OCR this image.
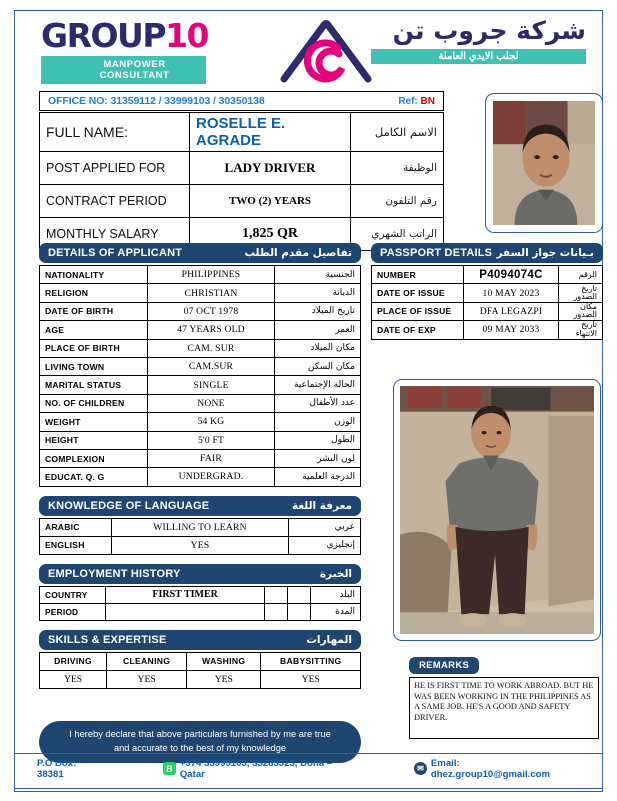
GROUP10
MANPOWER CONSULTANT
شركة جروب تن
لجلب الايدي العاملة
OFFICE NO: 31359112 / 33999103 / 30350138	Ref: BN
FULL NAME:	ROSELLE E. AGRADE	الاسم الكامل
POST APPLIED FOR	LADY DRIVER	الوظيفة
CONTRACT PERIOD	TWO (2) YEARS	رقم التلفون
MONTHLY SALARY	1,825 QR	الراتب الشهري
DETAILS OF APPLICANT	تفاصيل مقدم الطلب
NATIONALITY	PHILIPPINES	الجنسية
RELIGION	CHRISTIAN	الديانة
DATE OF BIRTH	07 OCT 1978	تاريخ الميلاد
AGE	47 YEARS OLD	العمر
PLACE OF BIRTH	CAM. SUR	مكان الميلاد
LIVING TOWN	CAM.SUR	مكان السكن
MARITAL STATUS	SINGLE	الحالة الإجتماعية
NO. OF CHILDREN	NONE	عدد الأطفال
WEIGHT	54 KG	الوزن
HEIGHT	5'0 FT	الطول
COMPLEXION	FAIR	لون البشر
EDUCAT. Q. G	UNDERGRAD.	الدرجة العلمية
KNOWLEDGE OF LANGUAGE	معرفة اللغة
ARABIC	WILLING TO LEARN	عربي
ENGLISH	YES	إنجليزي
EMPLOYMENT HISTORY	الخبرة
COUNTRY	FIRST TIMER			البلد
PERIOD				المدة
SKILLS & EXPERTISE	المهارات
DRIVING	CLEANING	WASHING	BABYSITTING
YES	YES	YES	YES
PASSPORT DETAILS بـيانات جواز السفر
NUMBER	P4094074C	الرقم
DATE OF ISSUE	10 MAY 2023	تاريخ الصدور
PLACE OF ISSUE	DFA LEGAZPI	مكان الصدور
DATE OF EXP	09 MAY 2033	تاريخ الانتهاء
REMARKS
HE IS FIRST TIME TO WORK ABROAD. BUT HE WAS BEEN WORKING IN THE PHILIPPINES AS A SAME JOB. HE'S A GOOD AND SAFETY DRIVER.
I hereby declare that above particulars furnished by me are true and accurate to the best of my knowledge
P.O Box: 38381	B +974 33999103, 33285323, Doha – Qatar	✉ Email: dhez.group10@gmail.com
